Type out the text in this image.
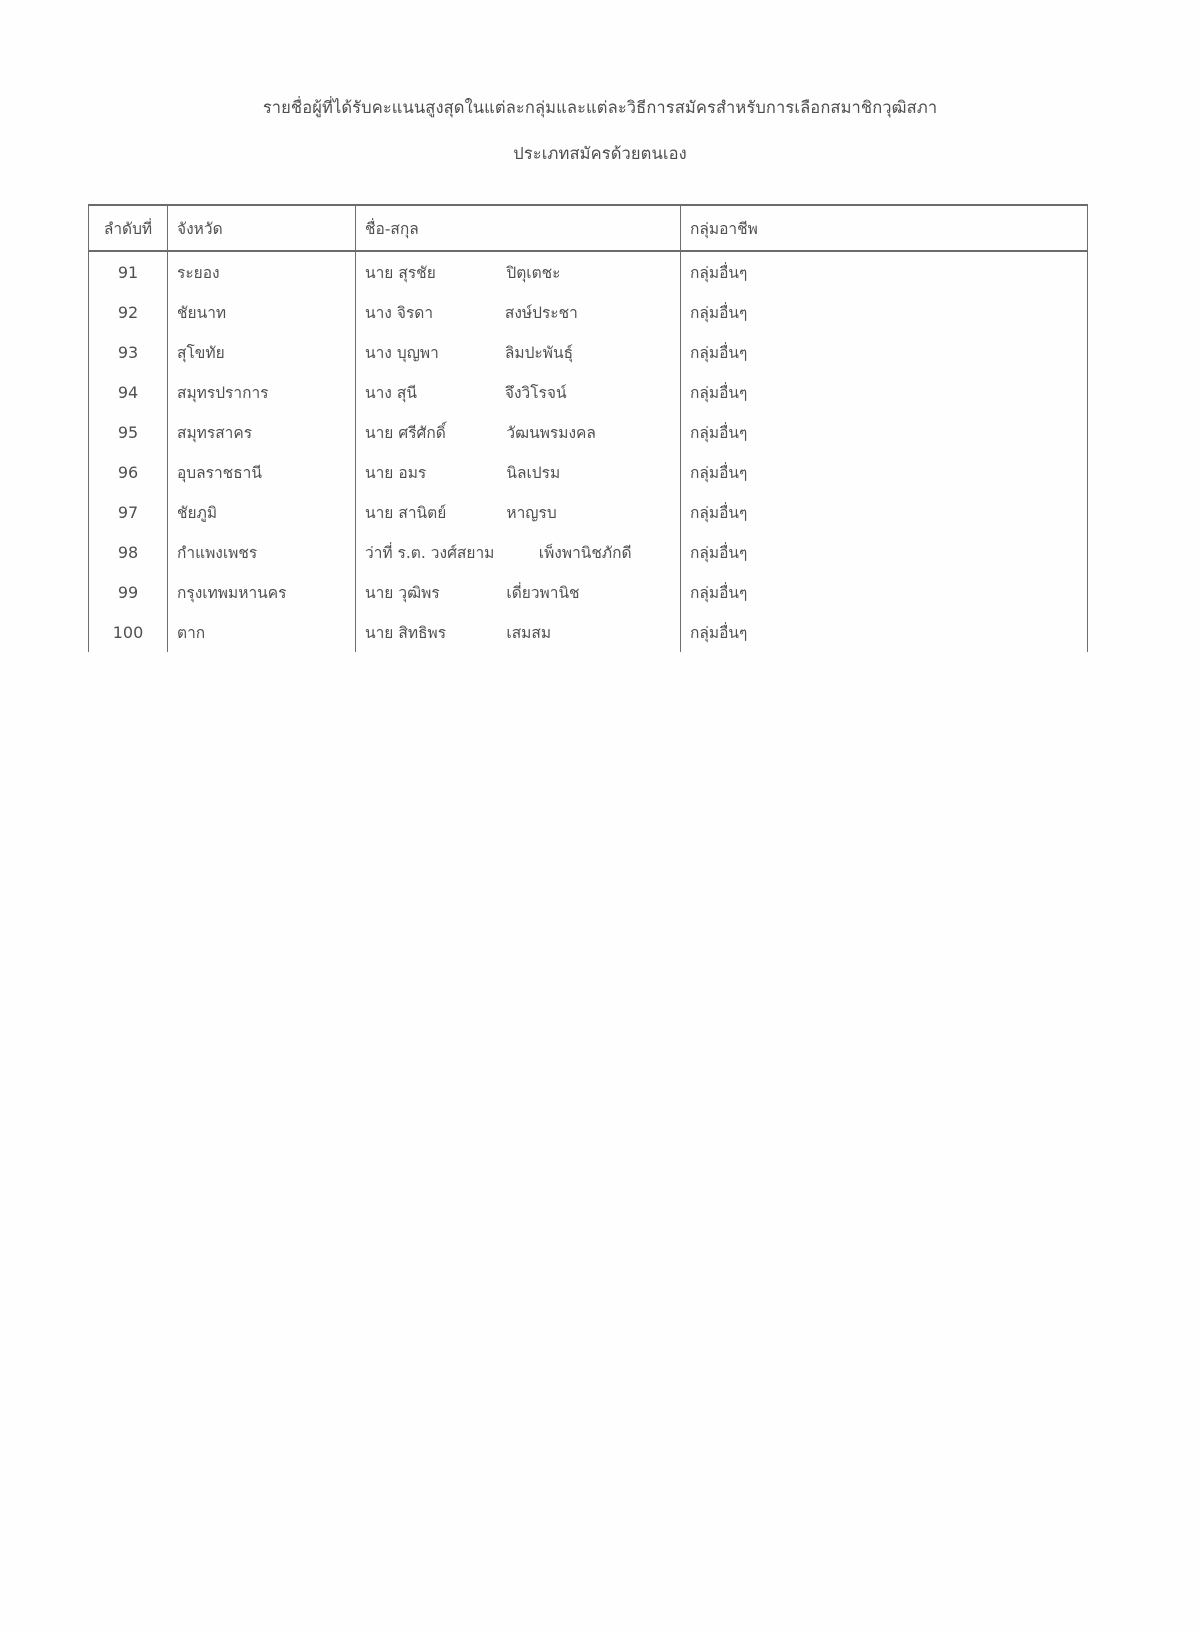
รายชื่อผู้ที่ได้รับคะแนนสูงสุดในแต่ละกลุ่มและแต่ละวิธีการสมัครสำหรับการเลือกสมาชิกวุฒิสภา
ประเภทสมัครด้วยตนเอง
ลำดับที่	จังหวัด	ชื่อ-สกุล	กลุ่มอาชีพ
91	ระยอง	นาย สุรชัย ปิตุเตชะ	กลุ่มอื่นๆ
92	ชัยนาท	นาง จิรดา สงษ์ประชา	กลุ่มอื่นๆ
93	สุโขทัย	นาง บุญพา ลิมปะพันธุ์	กลุ่มอื่นๆ
94	สมุทรปราการ	นาง สุนี จึงวิโรจน์	กลุ่มอื่นๆ
95	สมุทรสาคร	นาย ศรีศักดิ์ วัฒนพรมงคล	กลุ่มอื่นๆ
96	อุบลราชธานี	นาย อมร นิลเปรม	กลุ่มอื่นๆ
97	ชัยภูมิ	นาย สานิตย์ หาญรบ	กลุ่มอื่นๆ
98	กำแพงเพชร	ว่าที่ ร.ต. วงศ์สยาม เพ็งพานิชภักดี	กลุ่มอื่นๆ
99	กรุงเทพมหานคร	นาย วุฒิพร เดี่ยวพานิช	กลุ่มอื่นๆ
100	ตาก	นาย สิทธิพร เสมสม	กลุ่มอื่นๆ
